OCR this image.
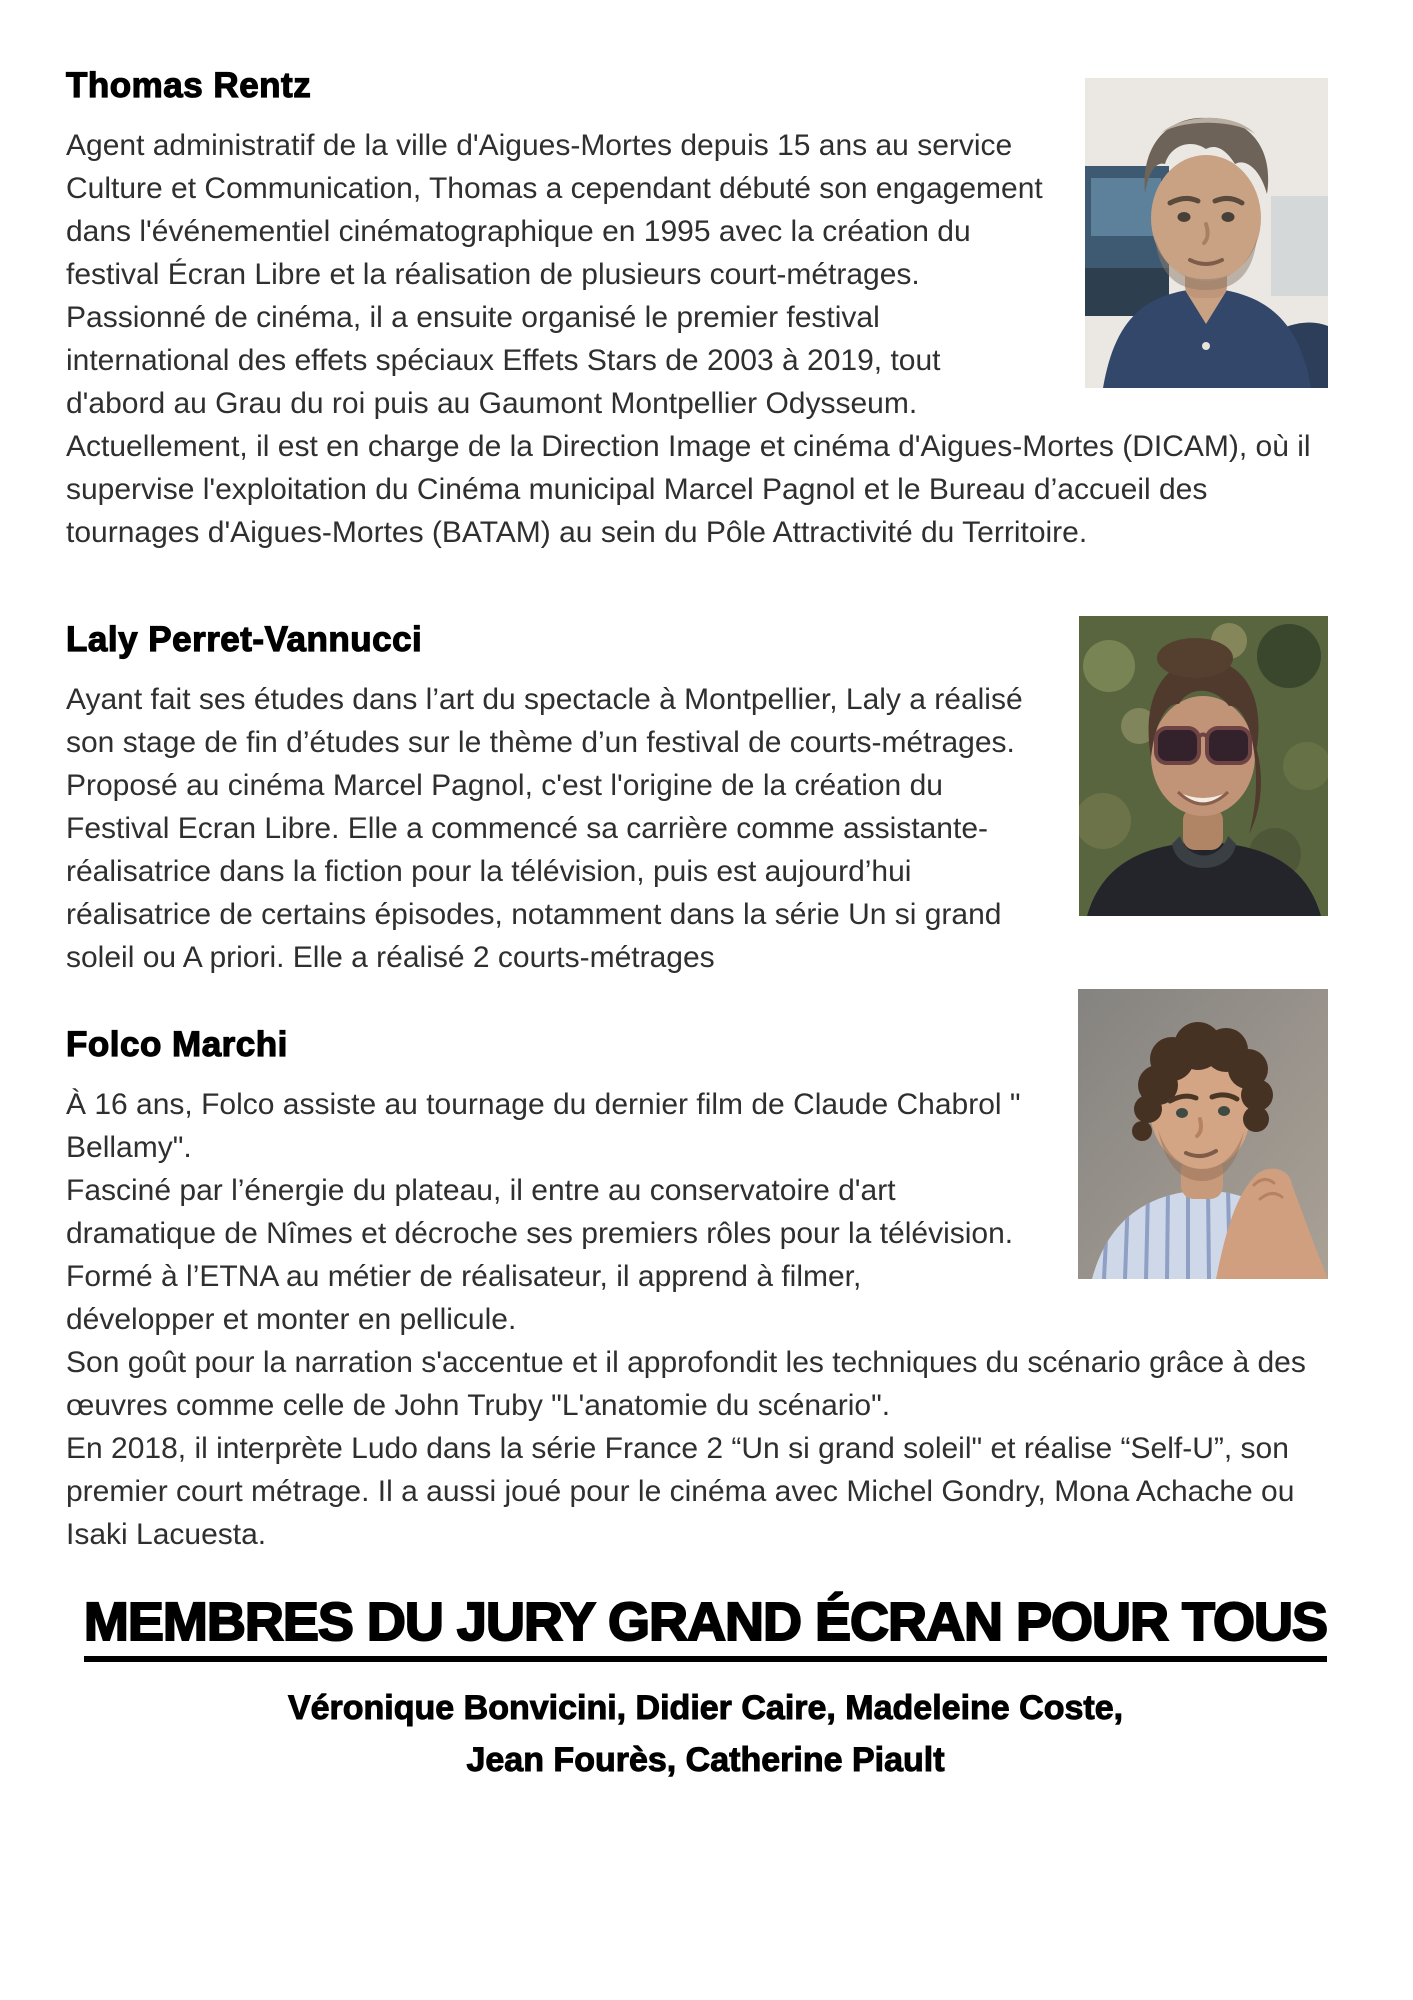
Thomas Rentz

Agent administratif de la ville d'Aigues-Mortes depuis 15 ans au service Culture et Communication, Thomas a cependant débuté son engagement dans l'événementiel cinématographique en 1995 avec la création du festival Écran Libre et la réalisation de plusieurs court-métrages. Passionné de cinéma, il a ensuite organisé le premier festival international des effets spéciaux Effets Stars de 2003 à 2019, tout d'abord au Grau du roi puis au Gaumont Montpellier Odysseum. Actuellement, il est en charge de la Direction Image et cinéma d'Aigues-Mortes (DICAM), où il supervise l'exploitation du Cinéma municipal Marcel Pagnol et le Bureau d’accueil des tournages d'Aigues-Mortes (BATAM) au sein du Pôle Attractivité du Territoire.

Laly Perret-Vannucci

Ayant fait ses études dans l’art du spectacle à Montpellier, Laly a réalisé son stage de fin d’études sur le thème d’un festival de courts-métrages. Proposé au cinéma Marcel Pagnol, c'est l'origine de la création du Festival Ecran Libre. Elle a commencé sa carrière comme assistante-réalisatrice dans la fiction pour la télévision, puis est aujourd’hui réalisatrice de certains épisodes, notamment dans la série Un si grand soleil ou A priori. Elle a réalisé 2 courts-métrages

Folco Marchi

À 16 ans, Folco assiste au tournage du dernier film de Claude Chabrol " Bellamy".

Fasciné par l’énergie du plateau, il entre au conservatoire d'art dramatique de Nîmes et décroche ses premiers rôles pour la télévision.

Formé à l’ETNA au métier de réalisateur, il apprend à filmer,

développer et monter en pellicule.

Son goût pour la narration s'accentue et il approfondit les techniques du scénario grâce à des œuvres comme celle de John Truby "L'anatomie du scénario".

En 2018, il interprète Ludo dans la série France 2 “Un si grand soleil" et réalise “Self-U”, son premier court métrage. Il a aussi joué pour le cinéma avec Michel Gondry, Mona Achache ou Isaki Lacuesta.

MEMBRES DU JURY GRAND ÉCRAN POUR TOUS

Véronique Bonvicini, Didier Caire, Madeleine Coste,

Jean Fourès, Catherine Piault
